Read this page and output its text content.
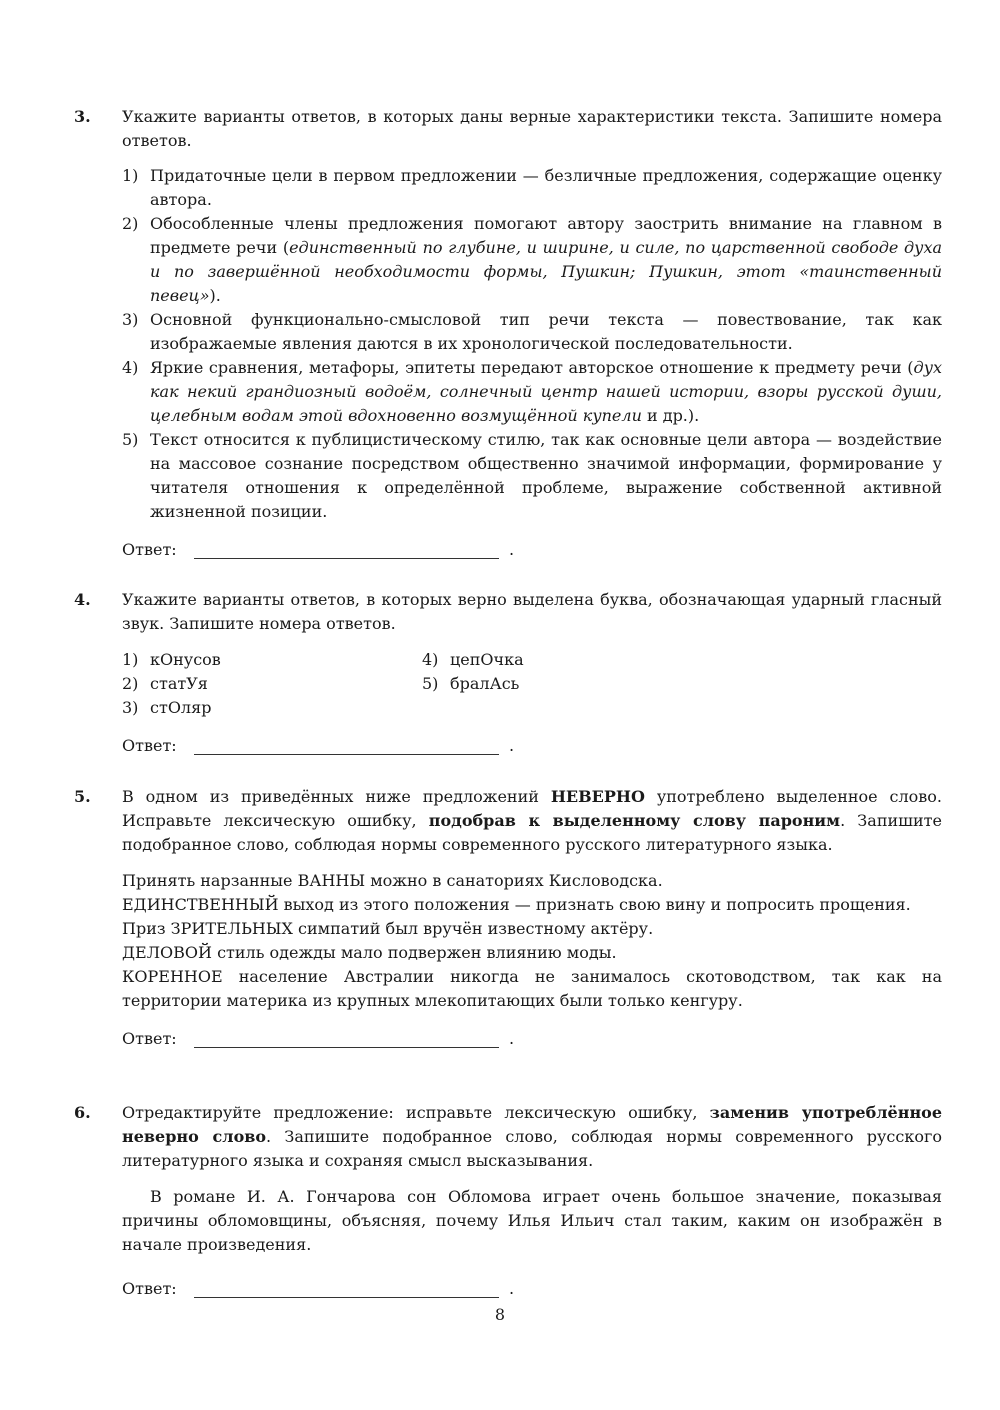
3.	Укажите варианты ответов, в которых даны верные характеристики текста. Запишите номера ответов.

1) Придаточные цели в первом предложении — безличные предложения, содержащие оценку автора.
2) Обособленные члены предложения помогают автору заострить внимание на главном в предмете речи (единственный по глубине, и ширине, и силе, по царственной свободе духа и по завершённой необходимости формы, Пушкин; Пушкин, этот «таинственный певец»).
3) Основной функционально-смысловой тип речи текста — повествование, так как изображаемые явления даются в их хронологической последовательности.
4) Яркие сравнения, метафоры, эпитеты передают авторское отношение к предмету речи (дух как некий грандиозный водоём, солнечный центр нашей истории, взоры русской души, целебным водам этой вдохновенно возмущённой купели и др.).
5) Текст относится к публицистическому стилю, так как основные цели автора — воздействие на массовое сознание посредством общественно значимой информации, формирование у читателя отношения к определённой проблеме, выражение собственной активной жизненной позиции.
Ответ:	.
4.	Укажите варианты ответов, в которых верно выделена буква, обозначающая ударный гласный звук. Запишите номера ответов.

1) кОнусов	4) цепОчка
2) статУя	5) бралАсь
3) стОляр
Ответ:	.
5.	В одном из приведённых ниже предложений НЕВЕРНО употреблено выделенное слово. Исправьте лексическую ошибку, подобрав к выделенному слову пароним. Запишите подобранное слово, соблюдая нормы современного русского литературного языка.

Принять нарзанные ВАННЫ можно в санаториях Кисловодска.

ЕДИНСТВЕННЫЙ выход из этого положения — признать свою вину и попросить прощения.

Приз ЗРИТЕЛЬНЫХ симпатий был вручён известному актёру.

ДЕЛОВОЙ стиль одежды мало подвержен влиянию моды.

КОРЕННОЕ население Австралии никогда не занималось скотоводством, так как на территории материка из крупных млекопитающих были только кенгуру.

Ответ:	.
6.	Отредактируйте предложение: исправьте лексическую ошибку, заменив употреблённое неверно слово. Запишите подобранное слово, соблюдая нормы современного русского литературного языка и сохраняя смысл высказывания.

В романе И. А. Гончарова сон Обломова играет очень большое значение, показывая причины обломовщины, объясняя, почему Илья Ильич стал таким, каким он изображён в начале произведения.

Ответ:	.
8
